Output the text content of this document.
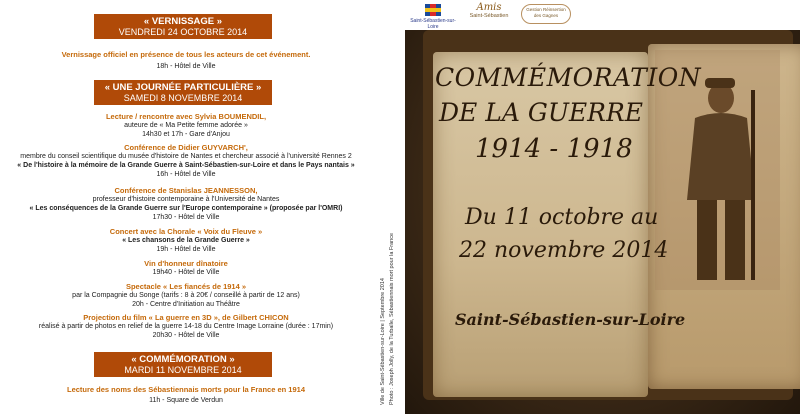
« VERNISSAGE »
VENDREDI 24 OCTOBRE 2014
Vernissage officiel en présence de tous les acteurs de cet événement.
18h - Hôtel de Ville
« UNE JOURNÉE PARTICULIÈRE »
SAMEDI 8 NOVEMBRE 2014
Lecture / rencontre avec Sylvia BOUMENDIL,
auteure de « Ma Petite femme adorée »
14h30 et 17h - Gare d'Anjou
Conférence de Didier GUYVARCH',
membre du conseil scientifique du musée d'histoire de Nantes et chercheur associé à l'université Rennes 2
« De l'histoire à la mémoire de la Grande Guerre à Saint-Sébastien-sur-Loire et dans le Pays nantais »
16h - Hôtel de Ville
Conférence de Stanislas JEANNESSON,
professeur d'histoire contemporaine à l'Université de Nantes
« Les conséquences de la Grande Guerre sur l'Europe contemporaine » (proposée par l'OMRI)
17h30 - Hôtel de Ville
Concert avec la Chorale « Voix du Fleuve »
« Les chansons de la Grande Guerre »
19h - Hôtel de Ville
Vin d'honneur dînatoire
19h40 - Hôtel de Ville
Spectacle « Les fiancés de 1914 »
par la Compagnie du Songe (tarifs : 8 à 20€ / conseillé à partir de 12 ans)
20h - Centre d'Initiation au Théâtre
Projection du film « La guerre en 3D », de Gilbert CHICON
réalisé à partir de photos en relief de la guerre 14-18 du Centre Image Lorraine (durée : 17min)
20h30 - Hôtel de Ville
« COMMÉMORATION »
MARDI 11 NOVEMBRE 2014
Lecture des noms des Sébastiennais morts pour la France en 1914
11h - Square de Verdun	Ville de Saint-Sébastien-sur-Loire | Septembre 2014 Photo : Joseph Jolly, de la Turballe, Sébastiennais mort pour la France
Saint-Sébastien-sur-Loire
Amis
Saint-Sébastien
Gestion Réinsertion des Gagnes
COMMÉMORATION
DE LA GUERRE
1914 - 1918
Du 11 octobre au
22 novembre 2014
Saint-Sébastien-sur-Loire
